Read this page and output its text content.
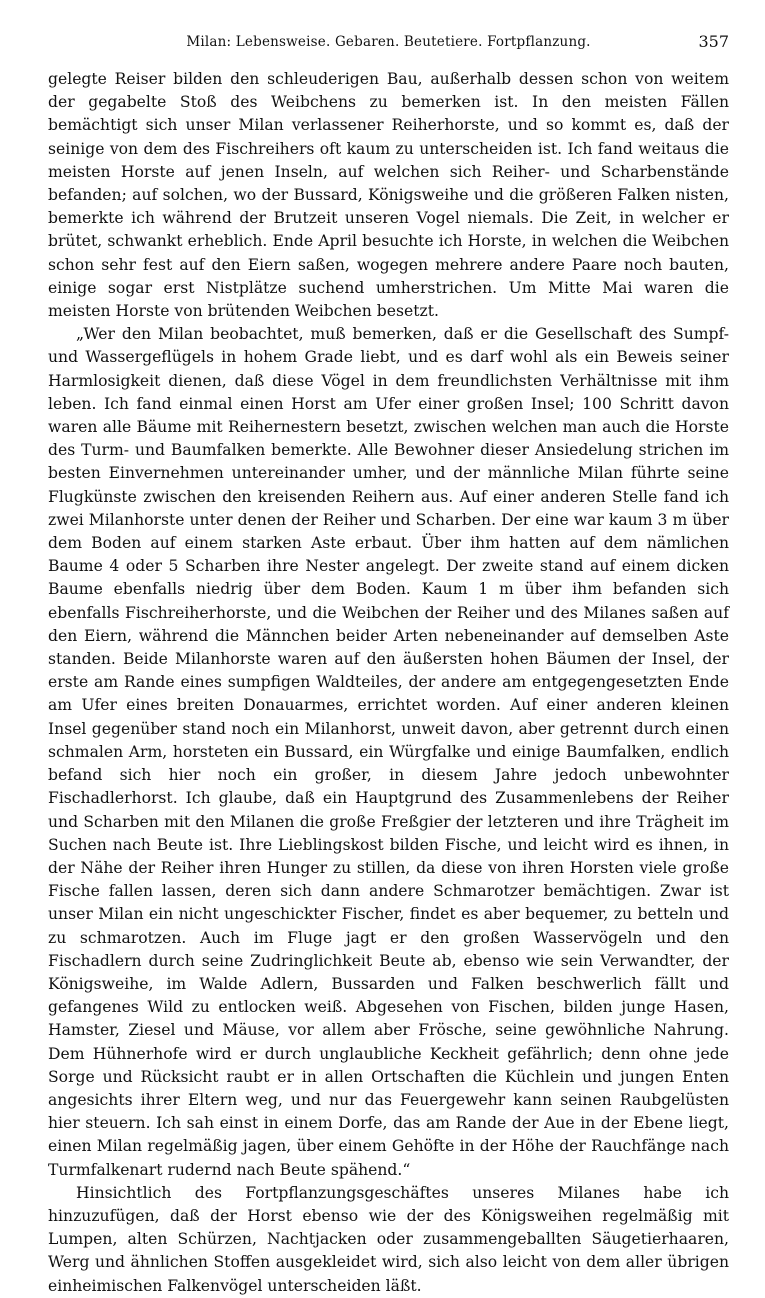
Milan: Lebensweise. Gebaren. Beutetiere. Fortpflanzung.	357

gelegte Reiser bilden den schleuderigen Bau, außerhalb dessen schon von weitem der gegabelte Stoß des Weibchens zu bemerken ist. In den meisten Fällen bemächtigt sich unser Milan verlassener Reiherhorste, und so kommt es, daß der seinige von dem des Fischreihers oft kaum zu unterscheiden ist. Ich fand weitaus die meisten Horste auf jenen Inseln, auf welchen sich Reiher- und Scharbenstände befanden; auf solchen, wo der Bussard, Königsweihe und die größeren Falken nisten, bemerkte ich während der Brutzeit unseren Vogel niemals. Die Zeit, in welcher er brütet, schwankt erheblich. Ende April besuchte ich Horste, in welchen die Weibchen schon sehr fest auf den Eiern saßen, wogegen mehrere andere Paare noch bauten, einige sogar erst Nistplätze suchend umherstrichen. Um Mitte Mai waren die meisten Horste von brütenden Weibchen besetzt.

„Wer den Milan beobachtet, muß bemerken, daß er die Gesellschaft des Sumpf- und Wassergeflügels in hohem Grade liebt, und es darf wohl als ein Beweis seiner Harmlosigkeit dienen, daß diese Vögel in dem freundlichsten Verhältnisse mit ihm leben. Ich fand einmal einen Horst am Ufer einer großen Insel; 100 Schritt davon waren alle Bäume mit Reihernestern besetzt, zwischen welchen man auch die Horste des Turm- und Baumfalken bemerkte. Alle Bewohner dieser Ansiedelung strichen im besten Einvernehmen untereinander umher, und der männliche Milan führte seine Flugkünste zwischen den kreisenden Reihern aus. Auf einer anderen Stelle fand ich zwei Milanhorste unter denen der Reiher und Scharben. Der eine war kaum 3 m über dem Boden auf einem starken Aste erbaut. Über ihm hatten auf dem nämlichen Baume 4 oder 5 Scharben ihre Nester angelegt. Der zweite stand auf einem dicken Baume ebenfalls niedrig über dem Boden. Kaum 1 m über ihm befanden sich ebenfalls Fischreiherhorste, und die Weibchen der Reiher und des Milanes saßen auf den Eiern, während die Männchen beider Arten nebeneinander auf demselben Aste standen. Beide Milanhorste waren auf den äußersten hohen Bäumen der Insel, der erste am Rande eines sumpfigen Waldteiles, der andere am entgegengesetzten Ende am Ufer eines breiten Donauarmes, errichtet worden. Auf einer anderen kleinen Insel gegenüber stand noch ein Milanhorst, unweit davon, aber getrennt durch einen schmalen Arm, horsteten ein Bussard, ein Würgfalke und einige Baumfalken, endlich befand sich hier noch ein großer, in diesem Jahre jedoch unbewohnter Fischadlerhorst. Ich glaube, daß ein Hauptgrund des Zusammenlebens der Reiher und Scharben mit den Milanen die große Freßgier der letzteren und ihre Trägheit im Suchen nach Beute ist. Ihre Lieblingskost bilden Fische, und leicht wird es ihnen, in der Nähe der Reiher ihren Hunger zu stillen, da diese von ihren Horsten viele große Fische fallen lassen, deren sich dann andere Schmarotzer bemächtigen. Zwar ist unser Milan ein nicht ungeschickter Fischer, findet es aber bequemer, zu betteln und zu schmarotzen. Auch im Fluge jagt er den großen Wasservögeln und den Fischadlern durch seine Zudringlichkeit Beute ab, ebenso wie sein Verwandter, der Königsweihe, im Walde Adlern, Bussarden und Falken beschwerlich fällt und gefangenes Wild zu entlocken weiß. Abgesehen von Fischen, bilden junge Hasen, Hamster, Ziesel und Mäuse, vor allem aber Frösche, seine gewöhnliche Nahrung. Dem Hühnerhofe wird er durch unglaubliche Keckheit gefährlich; denn ohne jede Sorge und Rücksicht raubt er in allen Ortschaften die Küchlein und jungen Enten angesichts ihrer Eltern weg, und nur das Feuergewehr kann seinen Raubgelüsten hier steuern. Ich sah einst in einem Dorfe, das am Rande der Aue in der Ebene liegt, einen Milan regelmäßig jagen, über einem Gehöfte in der Höhe der Rauchfänge nach Turmfalkenart rudernd nach Beute spähend.“

Hinsichtlich des Fortpflanzungsgeschäftes unseres Milanes habe ich hinzuzufügen, daß der Horst ebenso wie der des Königsweihen regelmäßig mit Lumpen, alten Schürzen, Nachtjacken oder zusammengeballten Säugetierhaaren, Werg und ähnlichen Stoffen ausgekleidet wird, sich also leicht von dem aller übrigen einheimischen Falkenvögel unterscheiden läßt.
